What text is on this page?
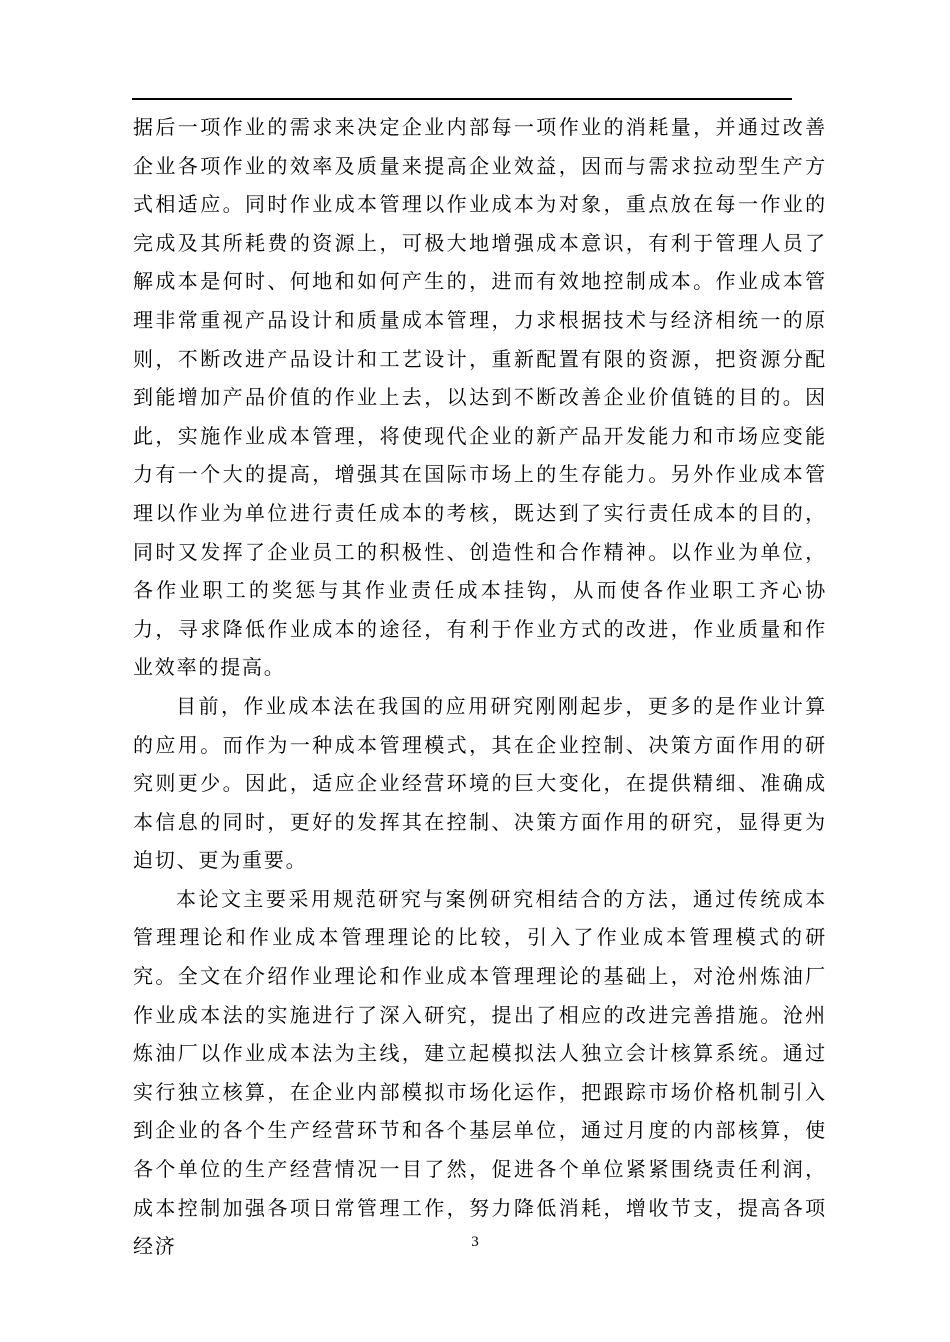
据后一项作业的需求来决定企业内部每一项作业的消耗量，并通过改善企业各项作业的效率及质量来提高企业效益，因而与需求拉动型生产方式相适应。同时作业成本管理以作业成本为对象，重点放在每一作业的完成及其所耗费的资源上，可极大地增强成本意识，有利于管理人员了解成本是何时、何地和如何产生的，进而有效地控制成本。作业成本管理非常重视产品设计和质量成本管理，力求根据技术与经济相统一的原则，不断改进产品设计和工艺设计，重新配置有限的资源，把资源分配到能增加产品价值的作业上去，以达到不断改善企业价值链的目的。因此，实施作业成本管理，将使现代企业的新产品开发能力和市场应变能力有一个大的提高，增强其在国际市场上的生存能力。另外作业成本管理以作业为单位进行责任成本的考核，既达到了实行责任成本的目的，同时又发挥了企业员工的积极性、创造性和合作精神。以作业为单位，各作业职工的奖惩与其作业责任成本挂钩，从而使各作业职工齐心协力，寻求降低作业成本的途径，有利于作业方式的改进，作业质量和作业效率的提高。

目前，作业成本法在我国的应用研究刚刚起步，更多的是作业计算的应用。而作为一种成本管理模式，其在企业控制、决策方面作用的研究则更少。因此，适应企业经营环境的巨大变化，在提供精细、准确成本信息的同时，更好的发挥其在控制、决策方面作用的研究，显得更为迫切、更为重要。

本论文主要采用规范研究与案例研究相结合的方法，通过传统成本管理理论和作业成本管理理论的比较，引入了作业成本管理模式的研究。全文在介绍作业理论和作业成本管理理论的基础上，对沧州炼油厂作业成本法的实施进行了深入研究，提出了相应的改进完善措施。沧州炼油厂以作业成本法为主线，建立起模拟法人独立会计核算系统。通过实行独立核算，在企业内部模拟市场化运作，把跟踪市场价格机制引入到企业的各个生产经营环节和各个基层单位，通过月度的内部核算，使各个单位的生产经营情况一目了然，促进各个单位紧紧围绕责任利润，成本控制加强各项日常管理工作，努力降低消耗，增收节支，提高各项经济	3
